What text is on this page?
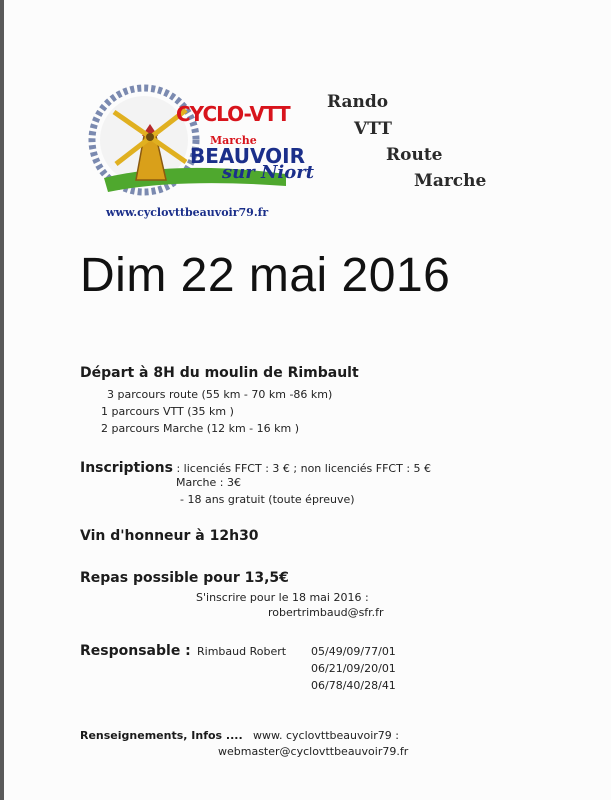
CYCLO-VTT
Marche
BEAUVOIR
sur Niort
www.cyclovttbeauvoir79.fr
Rando
VTT
Route
Marche
Dim 22 mai 2016
Départ à 8H du moulin de Rimbault
3 parcours route (55 km - 70 km -86 km)
1 parcours VTT (35 km )
2 parcours Marche (12 km - 16 km )
Inscriptions : licenciés FFCT : 3 € ; non licenciés FFCT : 5 €
Marche : 3€
- 18 ans gratuit (toute épreuve)
Vin d'honneur à 12h30
Repas possible pour 13,5€
S'inscrire pour le 18 mai 2016 :
robertrimbaud@sfr.fr
Responsable : Rimbaud Robert 05/49/09/77/01
06/21/09/20/01
06/78/40/28/41
Renseignements, Infos .... www. cyclovttbeauvoir79 :
webmaster@cyclovttbeauvoir79.fr
